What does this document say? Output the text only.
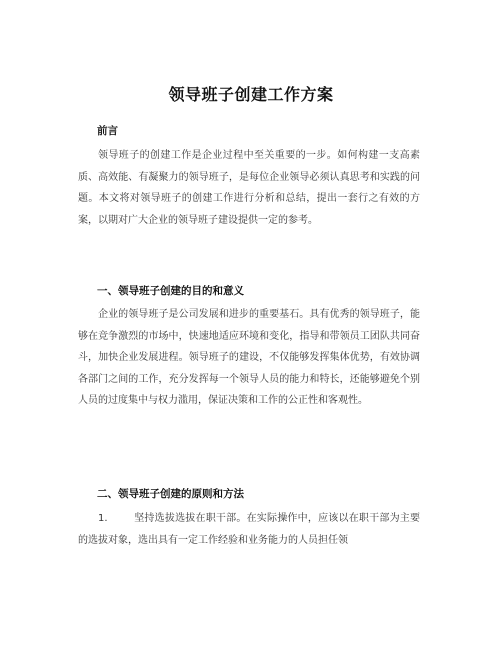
领导班子创建工作方案
前言

领导班子的创建工作是企业过程中至关重要的一步。如何构建一支高素质、高效能、有凝聚力的领导班子，是每位企业领导必须认真思考和实践的问题。本文将对领导班子的创建工作进行分析和总结，提出一套行之有效的方案，以期对广大企业的领导班子建设提供一定的参考。

一、领导班子创建的目的和意义

企业的领导班子是公司发展和进步的重要基石。具有优秀的领导班子，能够在竞争激烈的市场中，快速地适应环境和变化，指导和带领员工团队共同奋斗，加快企业发展进程。领导班子的建设，不仅能够发挥集体优势，有效协调各部门之间的工作，充分发挥每一个领导人员的能力和特长，还能够避免个别人员的过度集中与权力滥用，保证决策和工作的公正性和客观性。

二、领导班子创建的原则和方法
1.	坚持选拔选拔在职干部。在实际操作中，应该以在职干部为主要的选拔对象，选出具有一定工作经验和业务能力的人员担任领
